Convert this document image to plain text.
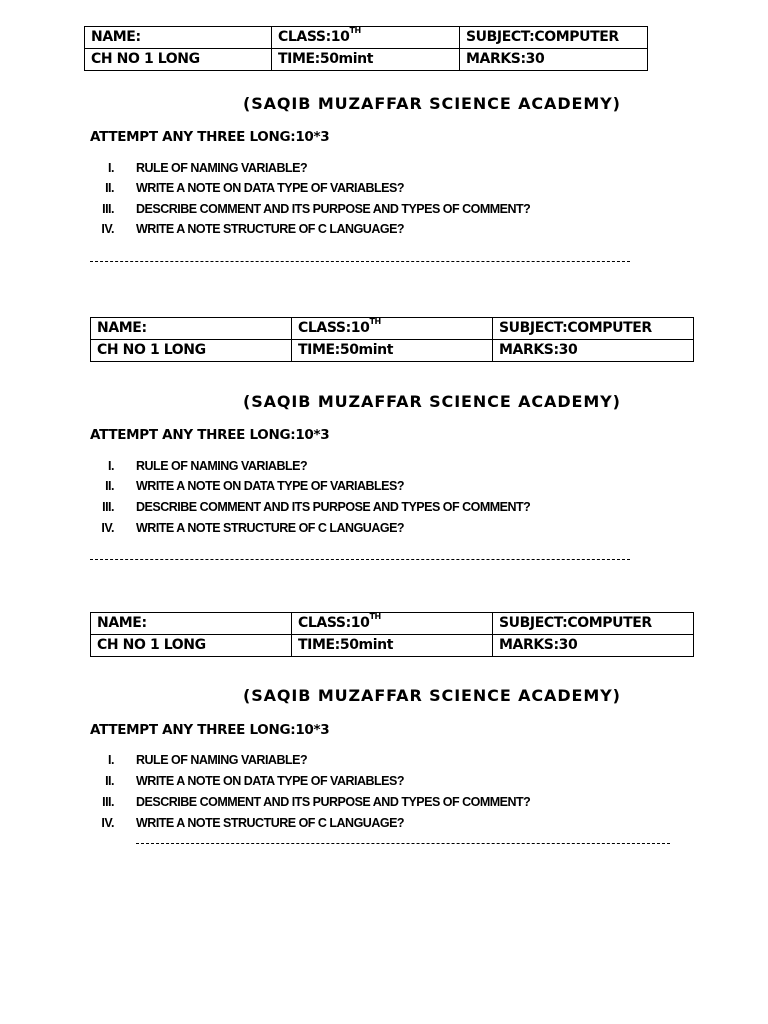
NAME:	CLASS:10TH	SUBJECT:COMPUTER
CH NO 1 LONG	TIME:50mint	MARKS:30
(SAQIB MUZAFFAR SCIENCE ACADEMY)
ATTEMPT ANY THREE LONG:10*3
I. RULE OF NAMING VARIABLE?
II. WRITE A NOTE ON DATA TYPE OF VARIABLES?
III. DESCRIBE COMMENT AND ITS PURPOSE AND TYPES OF COMMENT?
IV. WRITE A NOTE STRUCTURE OF C LANGUAGE?
NAME:	CLASS:10TH	SUBJECT:COMPUTER
CH NO 1 LONG	TIME:50mint	MARKS:30
(SAQIB MUZAFFAR SCIENCE ACADEMY)
ATTEMPT ANY THREE LONG:10*3
I. RULE OF NAMING VARIABLE?
II. WRITE A NOTE ON DATA TYPE OF VARIABLES?
III. DESCRIBE COMMENT AND ITS PURPOSE AND TYPES OF COMMENT?
IV. WRITE A NOTE STRUCTURE OF C LANGUAGE?
NAME:	CLASS:10TH	SUBJECT:COMPUTER
CH NO 1 LONG	TIME:50mint	MARKS:30
(SAQIB MUZAFFAR SCIENCE ACADEMY)
ATTEMPT ANY THREE LONG:10*3
I. RULE OF NAMING VARIABLE?
II. WRITE A NOTE ON DATA TYPE OF VARIABLES?
III. DESCRIBE COMMENT AND ITS PURPOSE AND TYPES OF COMMENT?
IV. WRITE A NOTE STRUCTURE OF C LANGUAGE?
